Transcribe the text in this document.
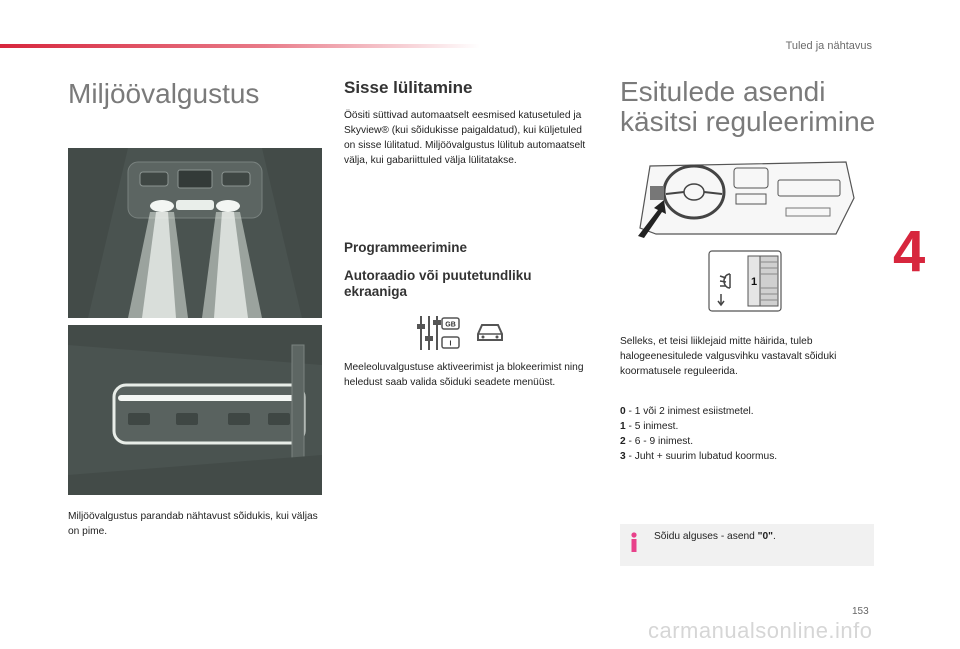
Tuled ja nähtavus
Miljöövalgustus
Miljöövalgustus parandab nähtavust sõidukis, kui väljas on pime.
Sisse lülitamine
Öösiti süttivad automaatselt eesmised katusetuled ja Skyview® (kui sõidukisse paigaldatud), kui küljetuled on sisse lülitatud. Miljöövalgustus lülitub automaatselt välja, kui gabariittuled välja lülitatakse.
Programmeerimine
Autoraadio või puutetundliku ekraaniga
GB
I
Meeleoluvalgustuse aktiveerimist ja blokeerimist ning heledust saab valida sõiduki seadete menüüst.
Esitulede asendi
käsitsi reguleerimine
1
Selleks, et teisi liiklejaid mitte häirida, tuleb halogeenesitulede valgusvihku vastavalt sõiduki koormatusele reguleerida.
0 - 1 või 2 inimest esiistmetel.
1 - 5 inimest.
2 - 6 - 9 inimest.
3 - Juht + suurim lubatud koormus.
Sõidu alguses - asend "0".
4
153
carmanualsonline.info
